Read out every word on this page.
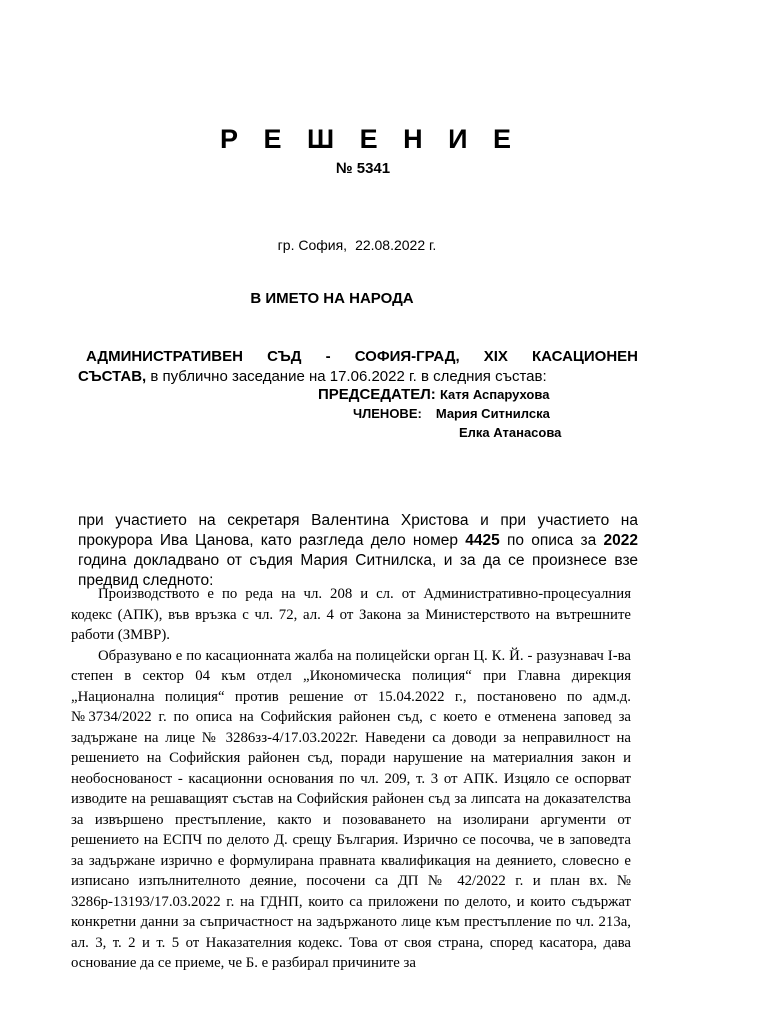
Р Е Ш Е Н И Е
№ 5341
гр. София, 22.08.2022 г.
В ИМЕТО НА НАРОДА
АДМИНИСТРАТИВЕН СЪД - СОФИЯ-ГРАД, XIX КАСАЦИОНЕН
СЪСТАВ, в публично заседание на 17.06.2022 г. в следния състав:
ПРЕДСЕДАТЕЛ: Катя Аспарухова
ЧЛЕНОВЕ: Мария Ситнилска
Елка Атанасова
при участието на секретаря Валентина Христова и при участието на прокурора Ива Цанова, като разгледа дело номер 4425 по описа за 2022 година докладвано от съдия Мария Ситнилска, и за да се произнесе взе предвид следното:

Производството е по реда на чл. 208 и сл. от Административно-процесуалния кодекс (АПК), във връзка с чл. 72, ал. 4 от Закона за Министерството на вътрешните работи (ЗМВР).

Образувано е по касационната жалба на полицейски орган Ц. К. Й. - разузнавач I-ва степен в сектор 04 към отдел „Икономическа полиция“ при Главна дирекция „Национална полиция“ против решение от 15.04.2022 г., постановено по адм.д. №3734/2022 г. по описа на Софийския районен съд, с което е отменена заповед за задържане на лице № 3286зз-4/17.03.2022г. Наведени са доводи за неправилност на решението на Софийския районен съд, поради нарушение на материалния закон и необоснованост - касационни основания по чл. 209, т. 3 от АПК. Изцяло се оспорват изводите на решаващият състав на Софийския районен съд за липсата на доказателства за извършено престъпление, както и позоваването на изолирани аргументи от решението на ЕСПЧ по делото Д. срещу България. Изрично се посочва, че в заповедта за задържане изрично е формулирана правната квалификация на деянието, словесно е изписано изпълнителното деяние, посочени са ДП № 42/2022 г. и план вх. № 3286р-13193/17.03.2022 г. на ГДНП, които са приложени по делото, и които съдържат конкретни данни за съпричастност на задържаното лице към престъпление по чл. 213а, ал. 3, т. 2 и т. 5 от Наказателния кодекс. Това от своя страна, според касатора, дава основание да се приеме, че Б. е разбирал причините за
